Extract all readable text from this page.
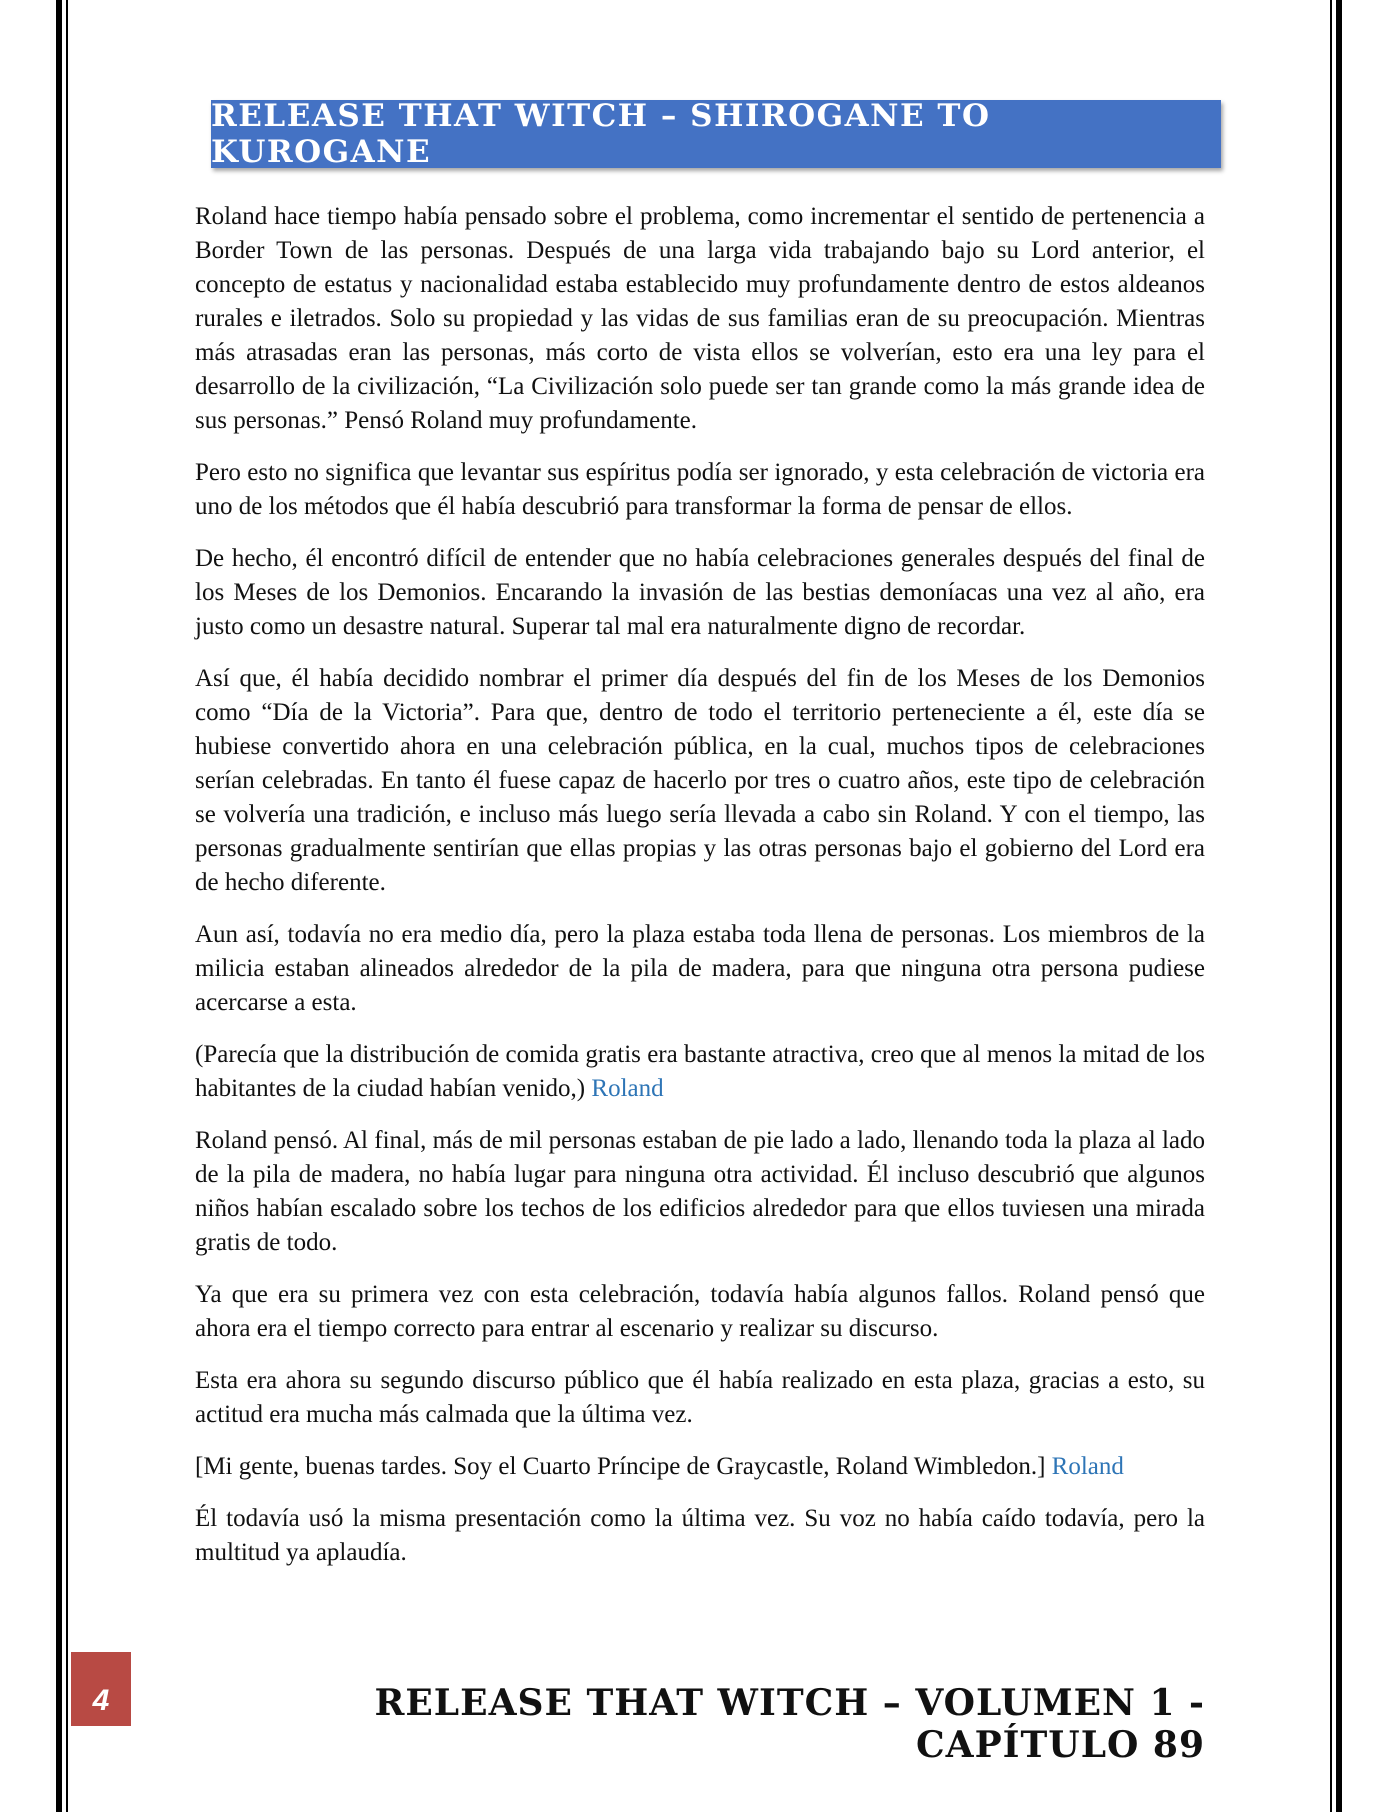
RELEASE THAT WITCH – SHIROGANE TO KUROGANE

Roland hace tiempo había pensado sobre el problema, como incrementar el sentido de pertenencia a Border Town de las personas. Después de una larga vida trabajando bajo su Lord anterior, el concepto de estatus y nacionalidad estaba establecido muy profundamente dentro de estos aldeanos rurales e iletrados. Solo su propiedad y las vidas de sus familias eran de su preocupación. Mientras más atrasadas eran las personas, más corto de vista ellos se volverían, esto era una ley para el desarrollo de la civilización, “La Civilización solo puede ser tan grande como la más grande idea de sus personas.” Pensó Roland muy profundamente.

Pero esto no significa que levantar sus espíritus podía ser ignorado, y esta celebración de victoria era uno de los métodos que él había descubrió para transformar la forma de pensar de ellos.

De hecho, él encontró difícil de entender que no había celebraciones generales después del final de los Meses de los Demonios. Encarando la invasión de las bestias demoníacas una vez al año, era justo como un desastre natural. Superar tal mal era naturalmente digno de recordar.

Así que, él había decidido nombrar el primer día después del fin de los Meses de los Demonios como “Día de la Victoria”. Para que, dentro de todo el territorio perteneciente a él, este día se hubiese convertido ahora en una celebración pública, en la cual, muchos tipos de celebraciones serían celebradas. En tanto él fuese capaz de hacerlo por tres o cuatro años, este tipo de celebración se volvería una tradición, e incluso más luego sería llevada a cabo sin Roland. Y con el tiempo, las personas gradualmente sentirían que ellas propias y las otras personas bajo el gobierno del Lord era de hecho diferente.

Aun así, todavía no era medio día, pero la plaza estaba toda llena de personas. Los miembros de la milicia estaban alineados alrededor de la pila de madera, para que ninguna otra persona pudiese acercarse a esta.

(Parecía que la distribución de comida gratis era bastante atractiva, creo que al menos la mitad de los habitantes de la ciudad habían venido,) Roland

Roland pensó. Al final, más de mil personas estaban de pie lado a lado, llenando toda la plaza al lado de la pila de madera, no había lugar para ninguna otra actividad. Él incluso descubrió que algunos niños habían escalado sobre los techos de los edificios alrededor para que ellos tuviesen una mirada gratis de todo.

Ya que era su primera vez con esta celebración, todavía había algunos fallos. Roland pensó que ahora era el tiempo correcto para entrar al escenario y realizar su discurso.

Esta era ahora su segundo discurso público que él había realizado en esta plaza, gracias a esto, su actitud era mucha más calmada que la última vez.

[Mi gente, buenas tardes. Soy el Cuarto Príncipe de Graycastle, Roland Wimbledon.] Roland

Él todavía usó la misma presentación como la última vez. Su voz no había caído todavía, pero la multitud ya aplaudía.

4	RELEASE THAT WITCH – VOLUMEN 1 - CAPÍTULO 89
